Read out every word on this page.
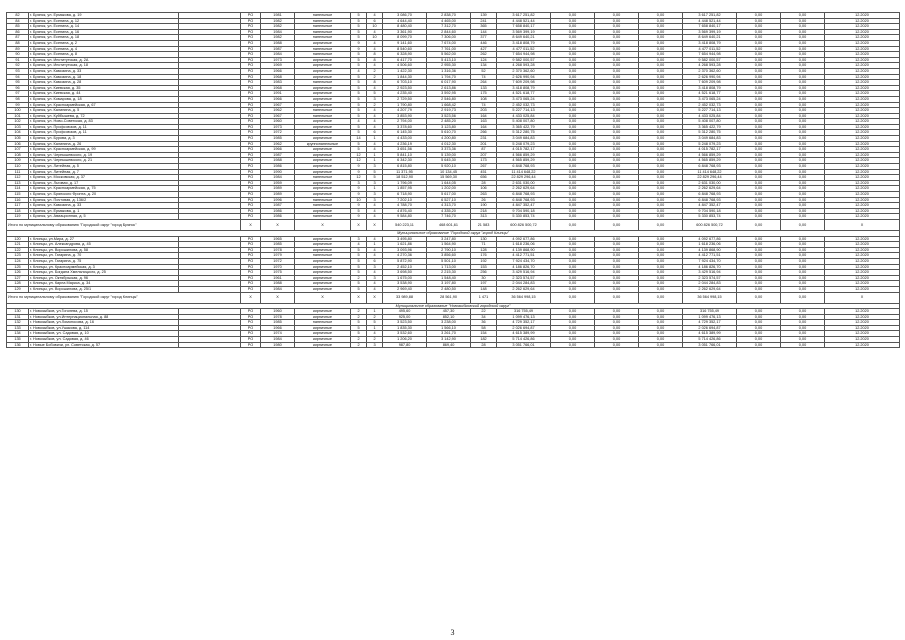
82	г. Брянск, ул. Ермакова, д. 19		РО	1981	панельные	5	4	3 086,70	2 838,70	139	3 617 251,82	0,00	0,00	0,00	3 617 251,82	0,00	0,00	12.2020
84	г. Брянск, ул. Есенина, д. 12		РО	1982	панельные	5	6	4 644,40	4 465,00	241	4 448 521,44	0,00	0,00	0,00	4 448 521,44	0,00	0,00	12.2020
85	г. Брянск, ул. Есенина, д. 14		РО	1982	панельные	5	10	8 480,40	7 312,70	365	7 658 840,17	0,00	0,00	0,00	7 658 840,17	0,00	0,00	12.2020
86	г. Брянск, ул. Есенина, д. 16		РО	1984	панельные	5	4	3 361,90	2 844,60	144	3 569 399,19	0,00	0,00	0,00	3 569 399,19	0,00	0,00	12.2020
87	г. Брянск, ул. Есенина, д. 18		РО	1982	панельные	5	10	8 099,70	7 306,00	377	8 649 640,21	0,00	0,00	0,00	8 649 640,21	0,00	0,00	12.2020
88	г. Брянск, ул. Есенина, д. 2		РО	1988	кирпичные	9	4	9 141,60	7 674,00	446	3 418 808,79	0,00	0,00	0,00	3 418 808,79	0,00	0,00	12.2020
89	г. Брянск, ул. Есенина, д. 4		РО	1987	панельные	9	4	8 540,60	7 761,00	427	4 477 011,52	0,00	0,00	0,00	4 477 011,52	0,00	0,00	12.2020
90	г. Брянск, ул. Есенина, д. 8		РО	1984	панельные	5	8	6 328,90	5 562,00	262	7 654 944,98	0,00	0,00	0,00	7 654 944,98	0,00	0,00	12.2020
91	г. Брянск, ул. Институтская, д. 2А		РО	1973	кирпичные	5	8	6 417,70	5 413,10	124	9 582 000,57	0,00	0,00	0,00	9 582 000,57	0,00	0,00	12.2020
92	г. Брянск, ул. Институтская, д. 18		РО	1969	кирпичные	5	4	4 506,60	2 955,30	134	4 268 593,28	0,00	0,00	0,00	4 268 593,28	0,00	0,00	12.2020
93	г. Брянск, ул. Камозина, д. 33		РО	1966	кирпичные	4	2	1 422,30	1 316,36	52	2 370 362,60	0,00	0,00	0,00	2 370 362,60	0,00	0,00	12.2020
94	г. Брянск, ул. Камозина, д. 18		РО	1968	кирпичные	5	2	1 844,30	1 794,70	74	2 626 990,94	0,00	0,00	0,00	2 626 990,94	0,00	0,00	12.2020
95	г. Брянск, ул. Камозина, д. 28		РО	1983	панельные	5	8	6 703,10	6 017,90	264	7 609 209,98	0,00	0,00	0,00	7 609 209,98	0,00	0,00	12.2020
96	г. Брянск, ул. Киевская, д. 35		РО	1968	кирпичные	5	4	2 923,50	2 613,86	133	3 418 808,79	0,00	0,00	0,00	3 418 808,79	0,00	0,00	12.2020
97	г. Брянск, ул. Киевская, д. 44		РО	1991	кирпичные	5	5	4 235,40	3 592,95	175	4 521 618,77	0,00	0,00	0,00	4 521 618,77	0,00	0,00	12.2020
98	г. Брянск, ул. Комарова, д. 18		РО	1966	кирпичные	5	3	2 729,50	2 546,80	108	3 473 065,24	0,00	0,00	0,00	3 473 065,24	0,00	0,00	12.2020
99	г. Брянск, ул. Красноармейская, д. 67		РО	1967	кирпичные	5	2	1 790,80	1 668,42	74	2 452 032,73	0,00	0,00	0,00	2 452 032,73	0,00	0,00	12.2020
100	г. Брянск, ул. Калинина, д. 5		РО	1962	панельные	5	4	4 207,79	2 919,73	203	5 227 714,13	0,00	0,00	0,00	5 227 714,13	0,00	0,00	12.2020
101	г. Брянск, ул. Куйбышева, д. 72		РО	1967	панельные	5	4	3 853,90	3 523,56	164	4 433 025,84	0,00	0,00	0,00	4 433 025,84	0,00	0,00	12.2020
102	г. Брянск, ул. Ново-Советская, д. 83		РО	1960	кирпичные	4	4	2 794,00	2 485,20	163	5 408 007,80	0,00	0,00	0,00	5 408 007,80	0,00	0,00	12.2020
103	г. Брянск, ул. Профсоюзов, д. 11		РО	1973	кирпичные	5	4	3 378,60	3 123,80	164	3 365 422,79	0,00	0,00	0,00	3 365 422,79	0,00	0,00	12.2020
104	г. Брянск, ул. Профсоюзов, д. 11		РО	1972	кирпичные	5	6	6 145,30	5 610,70	266	5 312 280,75	0,00	0,00	0,00	5 312 280,75	0,00	0,00	12.2020
105	г. Брянск, ул. Бурова, д. 3		РО	1985	кирпичные	14	1	4 433,00	4 200,80	231	3 049 684,83	0,00	0,00	0,00	3 049 684,83	0,00	0,00	12.2020
106	г. Брянск, ул. Калинина, д. 26		РО	1962	крупнопанельные	5	4	4 236,19	4 012,30	201	5 248 079,23	0,00	0,00	0,00	5 248 079,23	0,00	0,00	12.2020
107	г. Брянск, ул. Красноармейская, д. 99		РО	1966	кирпичные	5	4	3 651,56	3 373,36	87	4 015 782,17	0,00	0,00	0,00	4 015 782,17	0,00	0,00	12.2020
108	г. Брянск, ул. Чернышевского, д. 19		РО	1987	кирпичные	12	1	5 841,10	5 139,00	207	4 566 859,29	0,00	0,00	0,00	4 566 859,29	0,00	0,00	12.2020
109	г. Брянск, ул. Чернышевского, д. 21		РО	1988	кирпичные	12	1	6 342,30	5 645,30	173	4 565 859,29	0,00	0,00	0,00	4 565 859,29	0,00	0,00	12.2020
110	г. Брянск, ул. Литейная, д. 5		РО	1986	кирпичные	9	3	6 815,80	5 920,10	267	6 848 768,93	0,00	0,00	0,00	6 848 768,93	0,00	0,00	12.2020
111	г. Брянск, ул. Литейная, д. 7		РО	1990	кирпичные	9	5	11 371,95	10 134,45	451	11 414 648,22	0,00	0,00	0,00	11 414 648,22	0,00	0,00	12.2020
112	г. Брянск, ул. Московская, д. 37		РО	1984	панельные	12	5	18 512,90	15 569,30	656	22 829 296,44	0,00	0,00	0,00	22 829 296,44	0,00	0,00	12.2020
113	г. Брянск, ул. Льговая, д. 17		РО	1959	кирпичные	3	3	1 796,09	1 644,05	28	2 631 030,00	0,00	0,00	0,00	2 631 030,00	0,00	0,00	12.2020
114	г. Брянск, ул. Красноармейская, д. 75		РО	1989	кирпичные	9	1	1 857,95	1 202,00	106	2 262 629,64	0,00	0,00	0,00	2 262 629,64	0,00	0,00	12.2020
115	г. Брянск, ул. Брянского Фронта, д. 20		РО	1989	кирпичные	9	3	6 718,90	5 617,00	263	6 848 768,93	0,00	0,00	0,00	6 848 768,93	0,00	0,00	12.2020
116	г. Брянск, ул. Почтовая, д. 136/2		РО	1996	панельные	10	3	7 202,10	6 527,10	26	6 848 768,93	0,00	0,00	0,00	6 848 768,93	0,00	0,00	12.2020
117	г. Брянск, ул. Камозина, д. 33		РО	1987	панельные	9	4	4 788,70	4 313,70	190	4 847 352,47	0,00	0,00	0,00	4 847 352,47	0,00	0,00	12.2020
118	г. Брянск, ул. Ермакова, д. 1		РО	1986	кирпичные	5	4	4 876,40	4 335,20	218	9 704 590,18	0,00	0,00	0,00	9 704 590,18	0,00	0,00	12.2020
119	г. Брянск, ул. Авиационная, д. 5		РО	1986	панельные	9	4	9 584,80	7 746,70	313	5 330 853,74	0,00	0,00	0,00	5 330 853,74	0,00	0,00	12.2020
Итого по муниципальному образованию "Городской округ "город Брянск"			Х	Х	Х	Х	Х	540 223,11	468 601,61	21 583	600 826 500,72	0,00	0,00	0,00	600 826 500,72	0,00	0,00	Х
Муниципальное образование "Городской округ "город Клинцы"																		
120	г. Клинцы, ул.Мира, д. 27		РО	1965	кирпичные	3	4	3 495,80	3 247,80	130	4 092 677,86	0,00	0,00	0,00	4 092 677,86	0,00	0,00	12.2020
121	г. Клинцы, ул. Александрова, д. 45		РО	1985	кирпичные	4	1	1 621,86	1 564,90	71	1 618 236,06	0,00	0,00	0,00	1 618 236,06	0,00	0,00	12.2020
122	г. Клинцы, ул. Ворошилова, д. 58		РО	1978	кирпичные	5	4	3 093,96	2 790,10	128	4 139 868,90	0,00	0,00	0,00	4 139 868,90	0,00	0,00	12.2020
123	г. Клинцы, ул. Гагарина, д. 70		РО	1979	панельные	5	4	4 270,36	3 856,60	176	4 412 771,51	0,00	0,00	0,00	4 412 771,51	0,00	0,00	12.2020
124	г. Клинцы, ул. Гагарина, д. 75		РО	1972	кирпичные	5	6	5 872,90	5 501,10	192	7 924 434,70	0,00	0,00	0,00	7 924 434,70	0,00	0,00	12.2020
125	г. Клинцы, ул. Красноармейская, д. 3		РО	1970	кирпичные	5	3	2 452,10	1 713,00	153	4 186 826,70	0,00	0,00	0,00	4 186 826,70	0,00	0,00	12.2020
126	г. Клинцы, ул. Богдана Хмельницкого, д. 25		РО	1975	кирпичные	5	4	3 698,50	2 215,30	256	3 429 516,94	0,00	0,00	0,00	3 429 516,94	0,00	0,00	12.2020
127	г. Клинцы, ул. Октябрьская, д. 96		РО	1961	кирпичные	2	3	1 675,00	1 548,40	30	2 323 574,57	0,00	0,00	0,00	2 323 574,57	0,00	0,00	12.2020
128	г. Клинцы, ул. Карла Маркса, д. 34		РО	1988	кирпичные	5	4	3 538,90	3 197,80	197	2 044 284,83	0,00	0,00	0,00	2 044 284,83	0,00	0,00	12.2020
129	г. Клинцы, ул. Ворошилова, д. 25/1		РО	1984	кирпичные	5	4	2 969,40	2 480,50	148	2 262 629,64	0,00	0,00	0,00	2 262 629,64	0,00	0,00	12.2020
Итого по муниципальному образованию "Городской округ "город Клинцы"			Х	Х	Х	Х	Х	33 989,88	28 561,90	1 471	36 564 998,15	0,00	0,00	0,00	36 564 998,15	0,00	0,00	Х
Муниципальное образование "Новозыбковский городской округ"																		
130	г. Новозыбков, ул.Гоголева, д. 15		РО	1960	кирпичные	2	1	495,60	457,30	22	316 755,49	0,00	0,00	0,00	316 755,49	0,00	0,00	12.2020
131	г. Новозыбков, ул.Интернациональная, д. 88		РО	1978	кирпичные	2	2	925,00	852,10	34	1 099 476,13	0,00	0,00	0,00	1 099 476,13	0,00	0,00	12.2020
132	г. Новозыбков, ул.Ломоносова, д. 16		РО	1985	панельные	5	5	3 523,50	3 238,00	36	4 729 352,17	0,00	0,00	0,00	4 729 352,17	0,00	0,00	12.2020
133	г. Новозыбков, ул.Ушакова, д. 114		РО	1966	кирпичные	5	1	1 835,30	1 566,10	58	2 026 694,87	0,00	0,00	0,00	2 026 694,87	0,00	0,00	12.2020
134	г. Новозыбков, ул. Садовая, д. 10		РО	1974	кирпичные	5	4	3 532,60	3 261,70	154	4 615 389,99	0,00	0,00	0,00	4 615 389,99	0,00	0,00	12.2020
135	г. Новозыбков, ул. Садовая, д. 46		РО	1984	кирпичные	2	2	1 206,20	3 142,90	182	5 714 426,86	0,00	0,00	0,00	5 714 426,86	0,00	0,00	12.2020
136	г. Новые Бобовичи, ул. Советская, д. 57		РО	1980	кирпичные	2	3	987,80	869,40	28	3 051 766,01	0,00	0,00	0,00	3 051 766,01	0,00	0,00	12.2020
3
